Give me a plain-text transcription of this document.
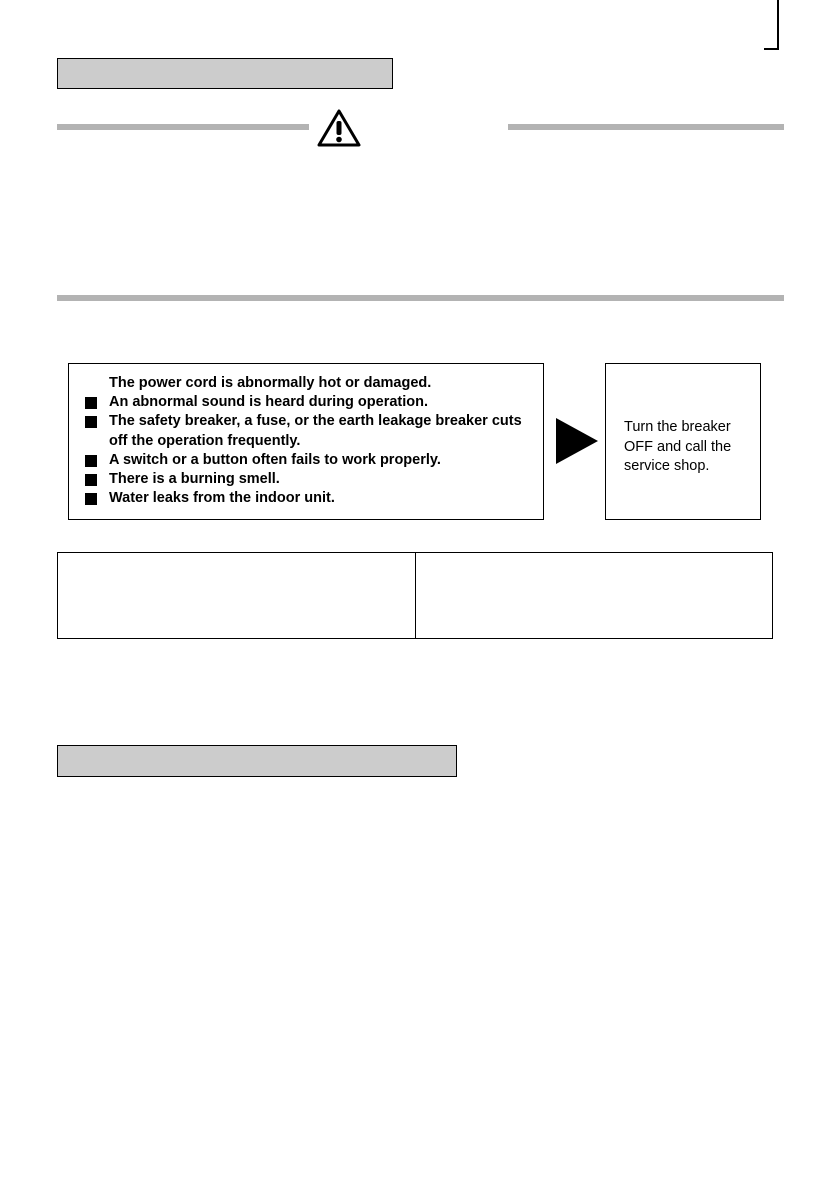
The power cord is abnormally hot or damaged.
An abnormal sound is heard during operation.
The safety breaker, a fuse, or the earth leakage breaker cuts off the operation frequently.
A switch or a button often fails to work properly.
There is a burning smell.
Water leaks from the indoor unit.
Turn the breaker OFF and call the service shop.
